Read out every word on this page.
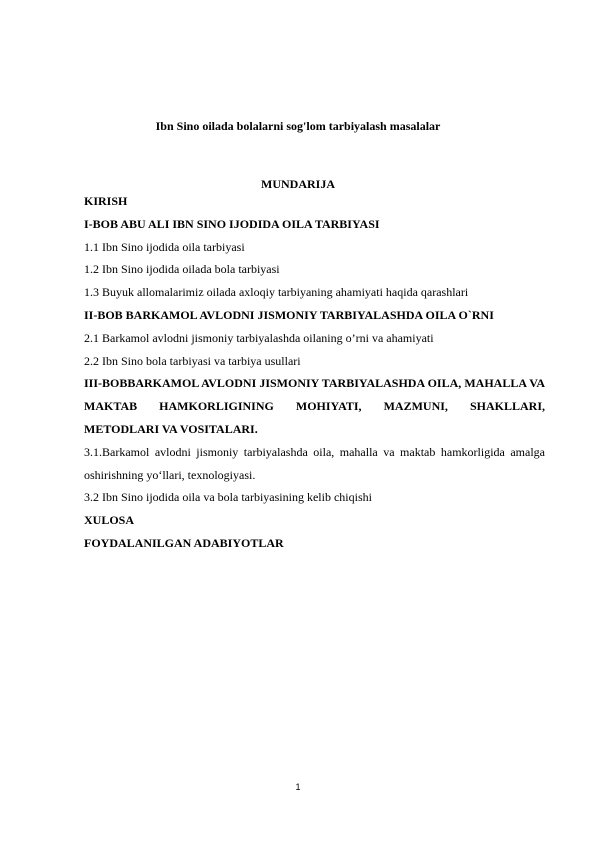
Ibn Sino oilada bolalarni sog'lom tarbiyalash masalalar
MUNDARIJA

KIRISH

I-BOB ABU ALI IBN SINO IJODIDA OILA TARBIYASI

1.1 Ibn Sino ijodida oila tarbiyasi

1.2 Ibn Sino ijodida oilada bola tarbiyasi

1.3 Buyuk allomalarimiz oilada axloqiy tarbiyaning ahamiyati haqida qarashlari

II-BOB BARKAMOL AVLODNI JISMONIY TARBIYALASHDA OILA O`RNI

2.1 Barkamol avlodni jismoniy tarbiyalashda oilaning o’rni va ahamiyati

2.2 Ibn Sino bola tarbiyasi va tarbiya usullari

III-BOBBARKAMOL AVLODNI JISMONIY TARBIYALASHDA OILA, MAHALLA VA MAKTAB HAMKORLIGINING MOHIYATI, MAZMUNI, SHAKLLARI, METODLARI VA VOSITALARI.

3.1.Barkamol avlodni jismoniy tarbiyalashda oila, mahalla va maktab hamkorligida amalga oshirishning yo‘llari, texnologiyasi.

3.2 Ibn Sino ijodida oila va bola tarbiyasining kelib chiqishi

XULOSA

FOYDALANILGAN ADABIYOTLAR

1
